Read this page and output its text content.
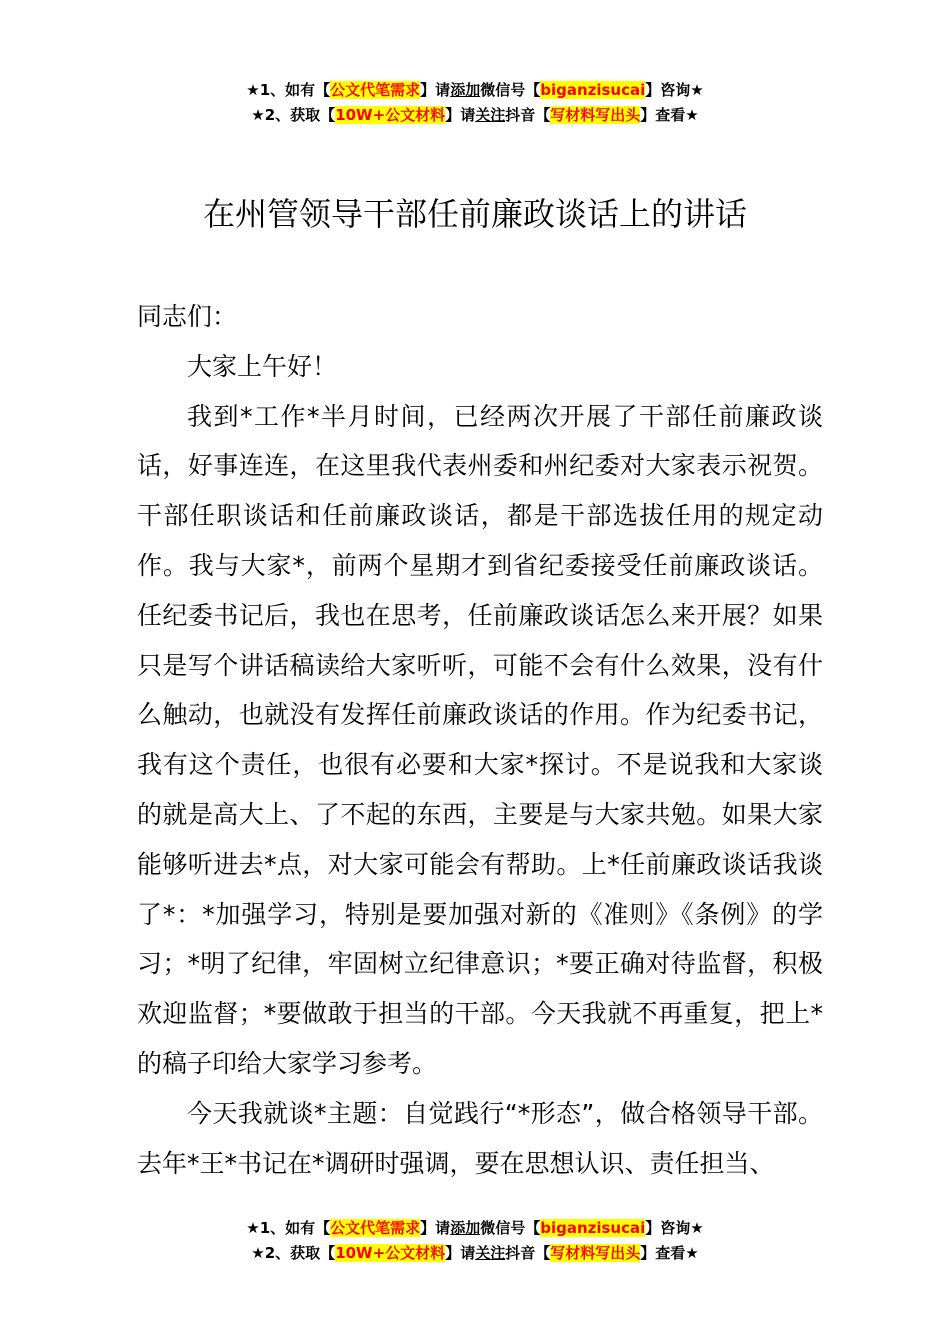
★1、如有【公文代笔需求】请添加微信号【biganzisucai】咨询★
★2、获取【10W+公文材料】请关注抖音【写材料写出头】查看★
在州管领导干部任前廉政谈话上的讲话

同志们：

大家上午好！

我到*工作*半月时间，已经两次开展了干部任前廉政谈话，好事连连，在这里我代表州委和州纪委对大家表示祝贺。干部任职谈话和任前廉政谈话，都是干部选拔任用的规定动作。我与大家*，前两个星期才到省纪委接受任前廉政谈话。任纪委书记后，我也在思考，任前廉政谈话怎么来开展？如果只是写个讲话稿读给大家听听，可能不会有什么效果，没有什么触动，也就没有发挥任前廉政谈话的作用。作为纪委书记，我有这个责任，也很有必要和大家*探讨。不是说我和大家谈的就是高大上、了不起的东西，主要是与大家共勉。如果大家能够听进去*点，对大家可能会有帮助。上*任前廉政谈话我谈了*：*加强学习，特别是要加强对新的《准则》《条例》的学习；*明了纪律，牢固树立纪律意识；*要正确对待监督，积极欢迎监督；*要做敢于担当的干部。今天我就不再重复，把上*的稿子印给大家学习参考。

今天我就谈*主题：自觉践行“*形态”，做合格领导干部。去年*王*书记在*调研时强调，要在思想认识、责任担当、

★1、如有【公文代笔需求】请添加微信号【biganzisucai】咨询★
★2、获取【10W+公文材料】请关注抖音【写材料写出头】查看★
